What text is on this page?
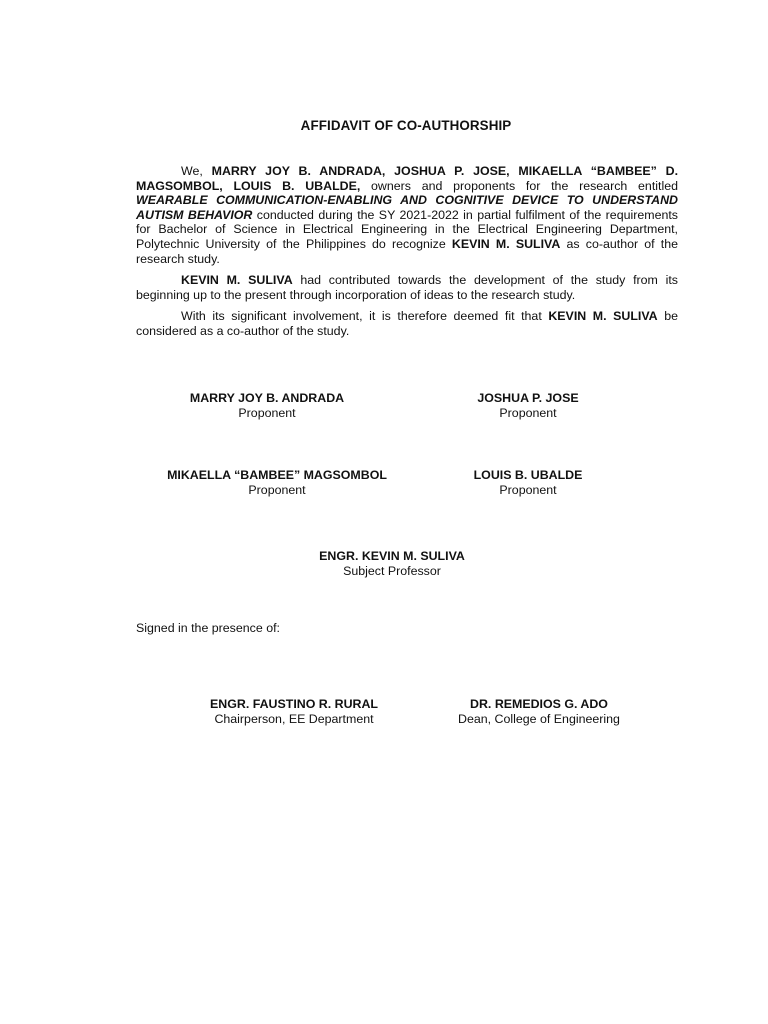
AFFIDAVIT OF CO-AUTHORSHIP

We, MARRY JOY B. ANDRADA, JOSHUA P. JOSE, MIKAELLA “BAMBEE” D. MAGSOMBOL, LOUIS B. UBALDE, owners and proponents for the research entitled WEARABLE COMMUNICATION-ENABLING AND COGNITIVE DEVICE TO UNDERSTAND AUTISM BEHAVIOR conducted during the SY 2021-2022 in partial fulfilment of the requirements for Bachelor of Science in Electrical Engineering in the Electrical Engineering Department, Polytechnic University of the Philippines do recognize KEVIN M. SULIVA as co-author of the research study.

KEVIN M. SULIVA had contributed towards the development of the study from its beginning up to the present through incorporation of ideas to the research study.

With its significant involvement, it is therefore deemed fit that KEVIN M. SULIVA be considered as a co-author of the study.

MARRY JOY B. ANDRADA
Proponent
JOSHUA P. JOSE
Proponent
MIKAELLA “BAMBEE” MAGSOMBOL
Proponent
LOUIS B. UBALDE
Proponent
ENGR. KEVIN M. SULIVA
Subject Professor
Signed in the presence of:
ENGR. FAUSTINO R. RURAL
Chairperson, EE Department
DR. REMEDIOS G. ADO
Dean, College of Engineering
